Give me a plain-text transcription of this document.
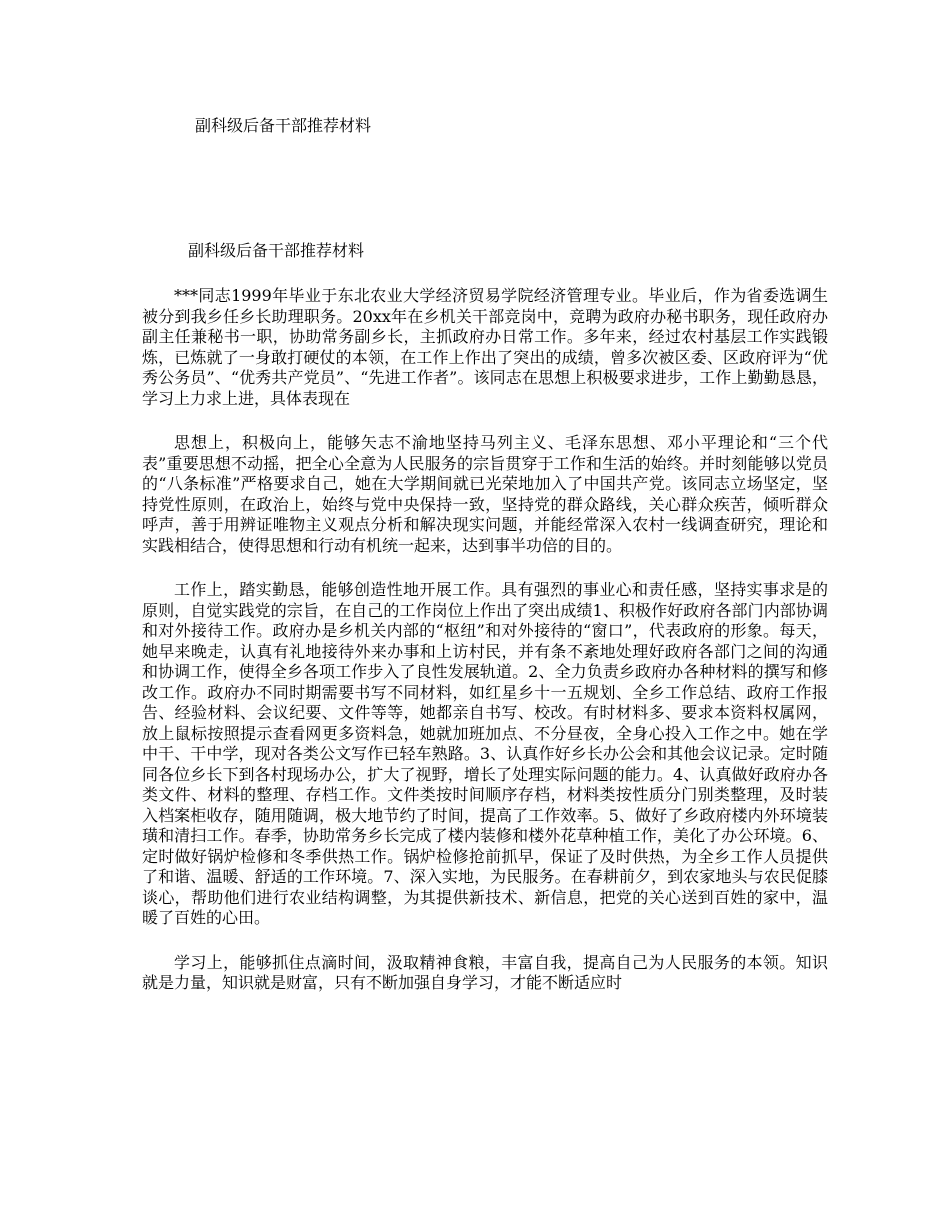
副科级后备干部推荐材料
副科级后备干部推荐材料

***同志1999年毕业于东北农业大学经济贸易学院经济管理专业。毕业后，作为省委选调生被分到我乡任乡长助理职务。20xx年在乡机关干部竞岗中，竞聘为政府办秘书职务，现任政府办副主任兼秘书一职，协助常务副乡长，主抓政府办日常工作。多年来，经过农村基层工作实践锻炼，已炼就了一身敢打硬仗的本领，在工作上作出了突出的成绩，曾多次被区委、区政府评为“优秀公务员”、“优秀共产党员”、“先进工作者”。该同志在思想上积极要求进步，工作上勤勤恳恳，学习上力求上进，具体表现在

思想上，积极向上，能够矢志不渝地坚持马列主义、毛泽东思想、邓小平理论和“三个代表”重要思想不动摇，把全心全意为人民服务的宗旨贯穿于工作和生活的始终。并时刻能够以党员的“八条标准”严格要求自己，她在大学期间就已光荣地加入了中国共产党。该同志立场坚定，坚持党性原则，在政治上，始终与党中央保持一致，坚持党的群众路线，关心群众疾苦，倾听群众呼声，善于用辨证唯物主义观点分析和解决现实问题，并能经常深入农村一线调查研究，理论和实践相结合，使得思想和行动有机统一起来，达到事半功倍的目的。

工作上，踏实勤恳，能够创造性地开展工作。具有强烈的事业心和责任感，坚持实事求是的原则，自觉实践党的宗旨，在自己的工作岗位上作出了突出成绩1、积极作好政府各部门内部协调和对外接待工作。政府办是乡机关内部的“枢纽”和对外接待的“窗口”，代表政府的形象。每天，她早来晚走，认真有礼地接待外来办事和上访村民，并有条不紊地处理好政府各部门之间的沟通和协调工作，使得全乡各项工作步入了良性发展轨道。2、全力负责乡政府办各种材料的撰写和修改工作。政府办不同时期需要书写不同材料，如红星乡十一五规划、全乡工作总结、政府工作报告、经验材料、会议纪要、文件等等，她都亲自书写、校改。有时材料多、要求本资料权属网，放上鼠标按照提示查看网更多资料急，她就加班加点、不分昼夜，全身心投入工作之中。她在学中干、干中学，现对各类公文写作已轻车熟路。3、认真作好乡长办公会和其他会议记录。定时随同各位乡长下到各村现场办公，扩大了视野，增长了处理实际问题的能力。4、认真做好政府办各类文件、材料的整理、存档工作。文件类按时间顺序存档，材料类按性质分门别类整理，及时装入档案柜收存，随用随调，极大地节约了时间，提高了工作效率。5、做好了乡政府楼内外环境装璜和清扫工作。春季，协助常务乡长完成了楼内装修和楼外花草种植工作，美化了办公环境。6、定时做好锅炉检修和冬季供热工作。锅炉检修抢前抓早，保证了及时供热，为全乡工作人员提供了和谐、温暖、舒适的工作环境。7、深入实地，为民服务。在春耕前夕，到农家地头与农民促膝谈心，帮助他们进行农业结构调整，为其提供新技术、新信息，把党的关心送到百姓的家中，温暖了百姓的心田。

学习上，能够抓住点滴时间，汲取精神食粮，丰富自我，提高自己为人民服务的本领。知识就是力量，知识就是财富，只有不断加强自身学习，才能不断适应时
